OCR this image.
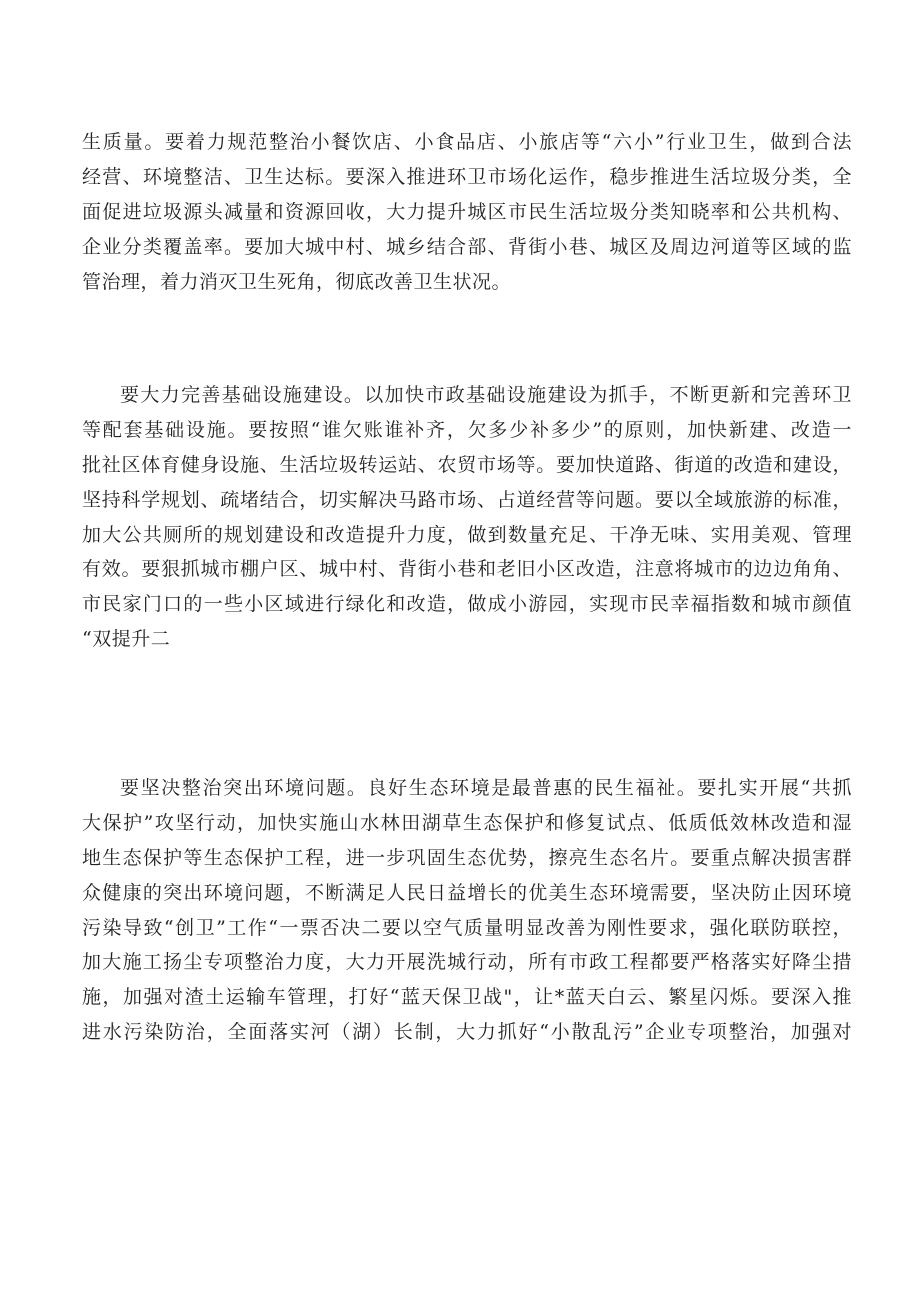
生质量。要着力规范整治小餐饮店、小食品店、小旅店等“六小”行业卫生，做到合法
经营、环境整洁、卫生达标。要深入推进环卫市场化运作，稳步推进生活垃圾分类，全
面促进垃圾源头减量和资源回收，大力提升城区市民生活垃圾分类知晓率和公共机构、
企业分类覆盖率。要加大城中村、城乡结合部、背街小巷、城区及周边河道等区域的监
管治理，着力消灭卫生死角，彻底改善卫生状况。
要大力完善基础设施建设。以加快市政基础设施建设为抓手，不断更新和完善环卫
等配套基础设施。要按照“谁欠账谁补齐，欠多少补多少”的原则，加快新建、改造一
批社区体育健身设施、生活垃圾转运站、农贸市场等。要加快道路、街道的改造和建设，
坚持科学规划、疏堵结合，切实解决马路市场、占道经营等问题。要以全域旅游的标准，
加大公共厕所的规划建设和改造提升力度，做到数量充足、干净无味、实用美观、管理
有效。要狠抓城市棚户区、城中村、背街小巷和老旧小区改造，注意将城市的边边角角、
市民家门口的一些小区域进行绿化和改造，做成小游园，实现市民幸福指数和城市颜值
“双提升二
要坚决整治突出环境问题。良好生态环境是最普惠的民生福祉。要扎实开展“共抓
大保护”攻坚行动，加快实施山水林田湖草生态保护和修复试点、低质低效林改造和湿
地生态保护等生态保护工程，进一步巩固生态优势，擦亮生态名片。要重点解决损害群
众健康的突出环境问题，不断满足人民日益增长的优美生态环境需要，坚决防止因环境
污染导致“创卫”工作“一票否决二要以空气质量明显改善为刚性要求，强化联防联控，
加大施工扬尘专项整治力度，大力开展洗城行动，所有市政工程都要严格落实好降尘措
施，加强对渣土运输车管理，打好“蓝天保卫战"，让*蓝天白云、繁星闪烁。要深入推
进水污染防治，全面落实河（湖）长制，大力抓好“小散乱污”企业专项整治，加强对
